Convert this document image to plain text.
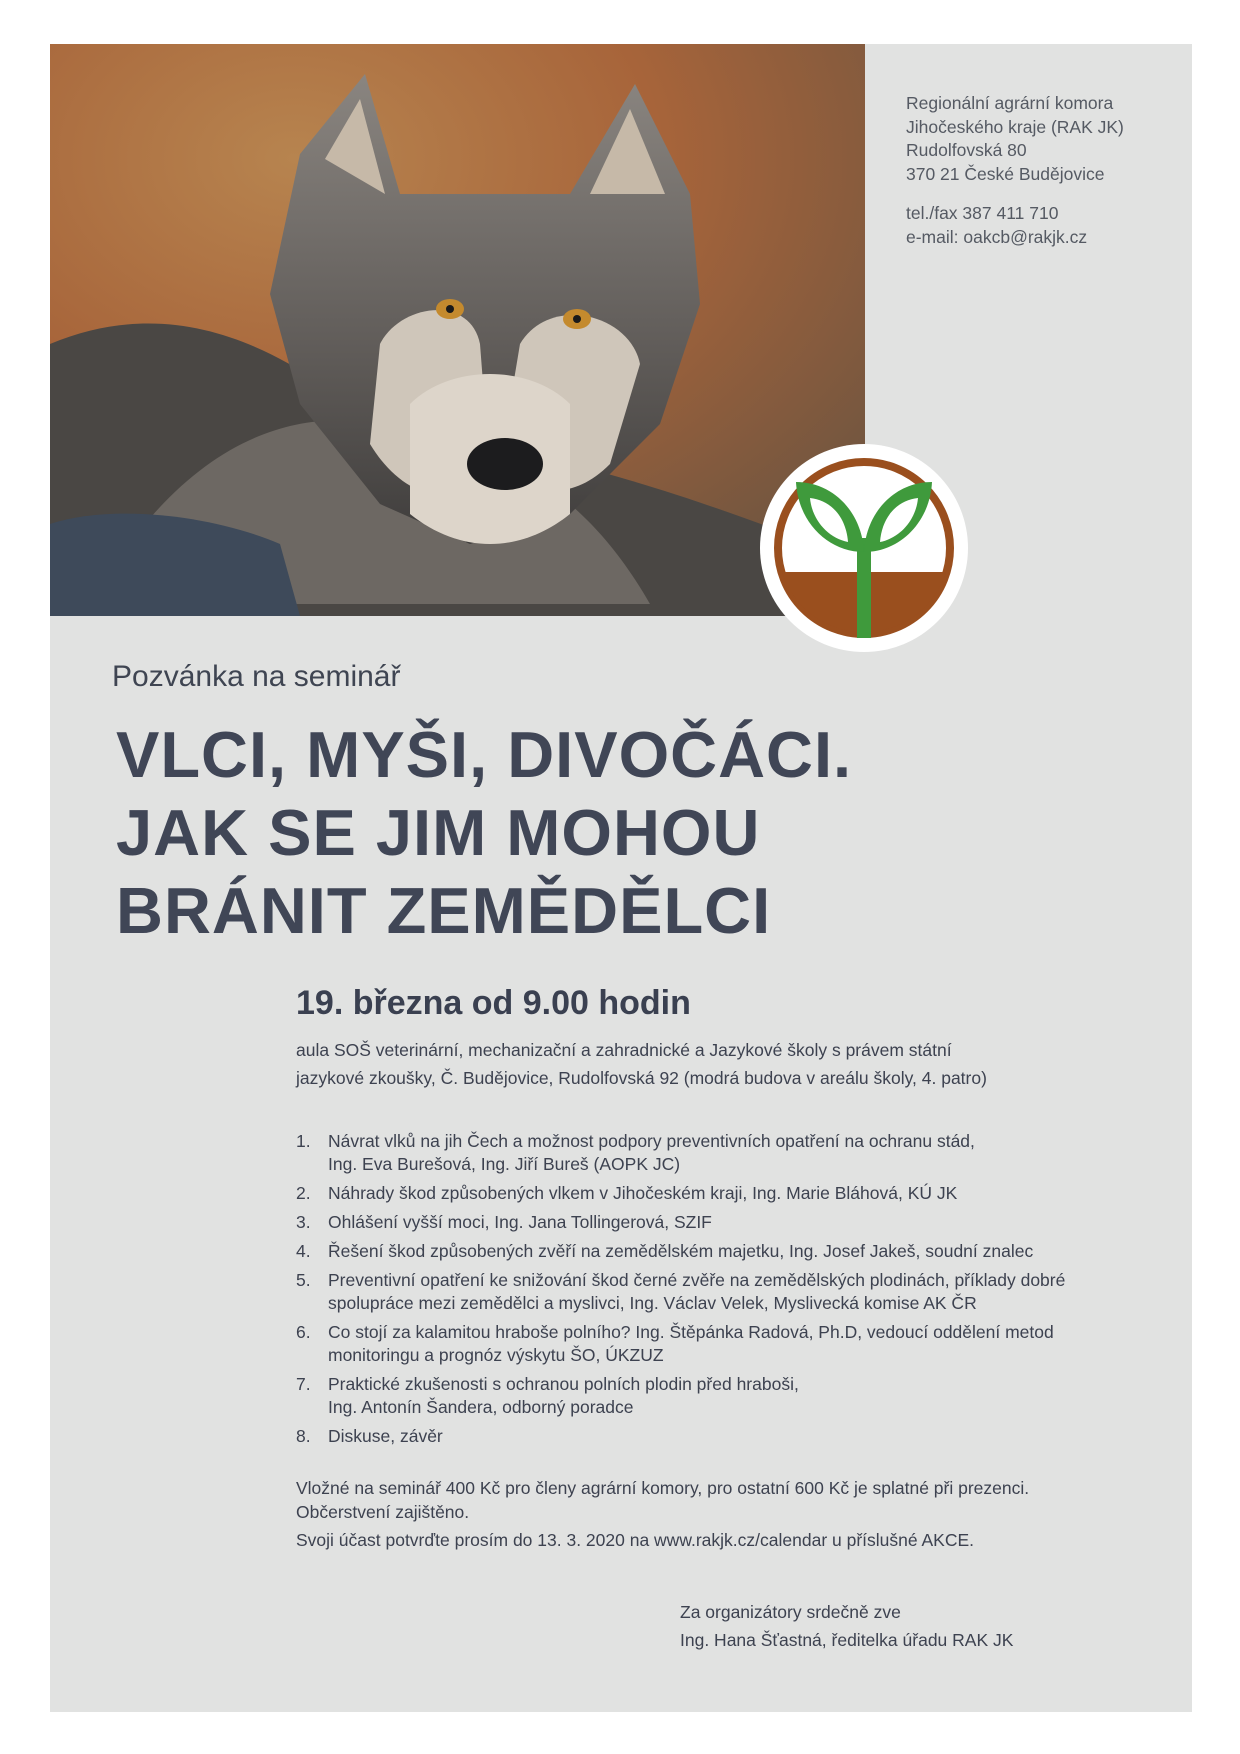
Regionální agrární komora
Jihočeského kraje (RAK JK)
Rudolfovská 80
370 21 České Budějovice
tel./fax 387 411 710
e-mail: oakcb@rakjk.cz
Pozvánka na seminář
VLCI, MYŠI, DIVOČÁCI.
JAK SE JIM MOHOU
BRÁNIT ZEMĚDĚLCI
19. března od 9.00 hodin
aula SOŠ veterinární, mechanizační a zahradnické a Jazykové školy s právem státní
jazykové zkoušky, Č. Budějovice, Rudolfovská 92 (modrá budova v areálu školy, 4. patro)
1. Návrat vlků na jih Čech a možnost podpory preventivních opatření na ochranu stád,
Ing. Eva Burešová, Ing. Jiří Bureš (AOPK JC)
2. Náhrady škod způsobených vlkem v Jihočeském kraji, Ing. Marie Bláhová, KÚ JK
3. Ohlášení vyšší moci, Ing. Jana Tollingerová, SZIF
4. Řešení škod způsobených zvěří na zemědělském majetku, Ing. Josef Jakeš, soudní znalec
5. Preventivní opatření ke snižování škod černé zvěře na zemědělských plodinách, příklady dobré
spolupráce mezi zemědělci a myslivci, Ing. Václav Velek, Myslivecká komise AK ČR
6. Co stojí za kalamitou hraboše polního? Ing. Štěpánka Radová, Ph.D, vedoucí oddělení metod
monitoringu a prognóz výskytu ŠO, ÚKZUZ
7. Praktické zkušenosti s ochranou polních plodin před hraboši,
Ing. Antonín Šandera, odborný poradce
8. Diskuse, závěr
Vložné na seminář 400 Kč pro členy agrární komory, pro ostatní 600 Kč je splatné při prezenci.
Občerstvení zajištěno.
Svoji účast potvrďte prosím do 13. 3. 2020 na www.rakjk.cz/calendar u příslušné AKCE.
Za organizátory srdečně zve
Ing. Hana Šťastná, ředitelka úřadu RAK JK
